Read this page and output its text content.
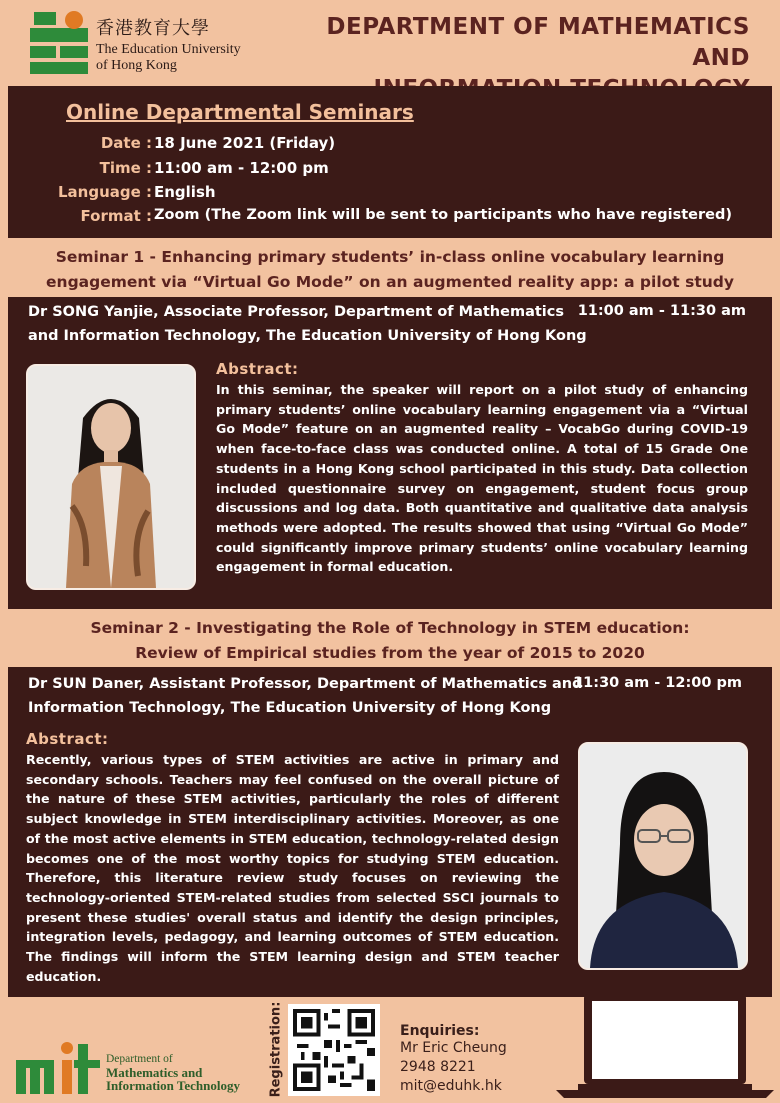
香港教育大學
The Education University
of Hong Kong
DEPARTMENT OF MATHEMATICS AND
Online Departmental Seminars
Date : 18 June 2021 (Friday)
Time : 11:00 am - 12:00 pm
Language : English
Format : Zoom (The Zoom link will be sent to participants who have registered)
Seminar 1 - Enhancing primary students’ in-class online vocabulary learning
engagement via “Virtual Go Mode” on an augmented reality app: a pilot study
Dr SONG Yanjie, Associate Professor, Department of Mathematics
and Information Technology, The Education University of Hong Kong
11:00 am - 11:30 am
Abstract:
In this seminar, the speaker will report on a pilot study of enhancing primary students’ online vocabulary learning engagement via a “Virtual Go Mode” feature on an augmented reality – VocabGo during COVID-19 when face-to-face class was conducted online. A total of 15 Grade One students in a Hong Kong school participated in this study. Data collection included questionnaire survey on engagement, student focus group discussions and log data. Both quantitative and qualitative data analysis methods were adopted. The results showed that using “Virtual Go Mode” could significantly improve primary students’ online vocabulary learning engagement in formal education.
Seminar 2 - Investigating the Role of Technology in STEM education:
Review of Empirical studies from the year of 2015 to 2020
Dr SUN Daner, Assistant Professor, Department of Mathematics and
Information Technology, The Education University of Hong Kong
11:30 am - 12:00 pm
Abstract:
Recently, various types of STEM activities are active in primary and secondary schools. Teachers may feel confused on the overall picture of the nature of these STEM activities, particularly the roles of different subject knowledge in STEM interdisciplinary activities. Moreover, as one of the most active elements in STEM education, technology-related design becomes one of the most worthy topics for studying STEM education. Therefore, this literature review study focuses on reviewing the technology-oriented STEM-related studies from selected SSCI journals to present these studies' overall status and identify the design principles, integration levels, pedagogy, and learning outcomes of STEM education. The findings will inform the STEM learning design and STEM teacher education.
Department of
Mathematics and
Information Technology Registration:	Enquiries:
Mr Eric Cheung
2948 8221
mit@eduhk.hk
